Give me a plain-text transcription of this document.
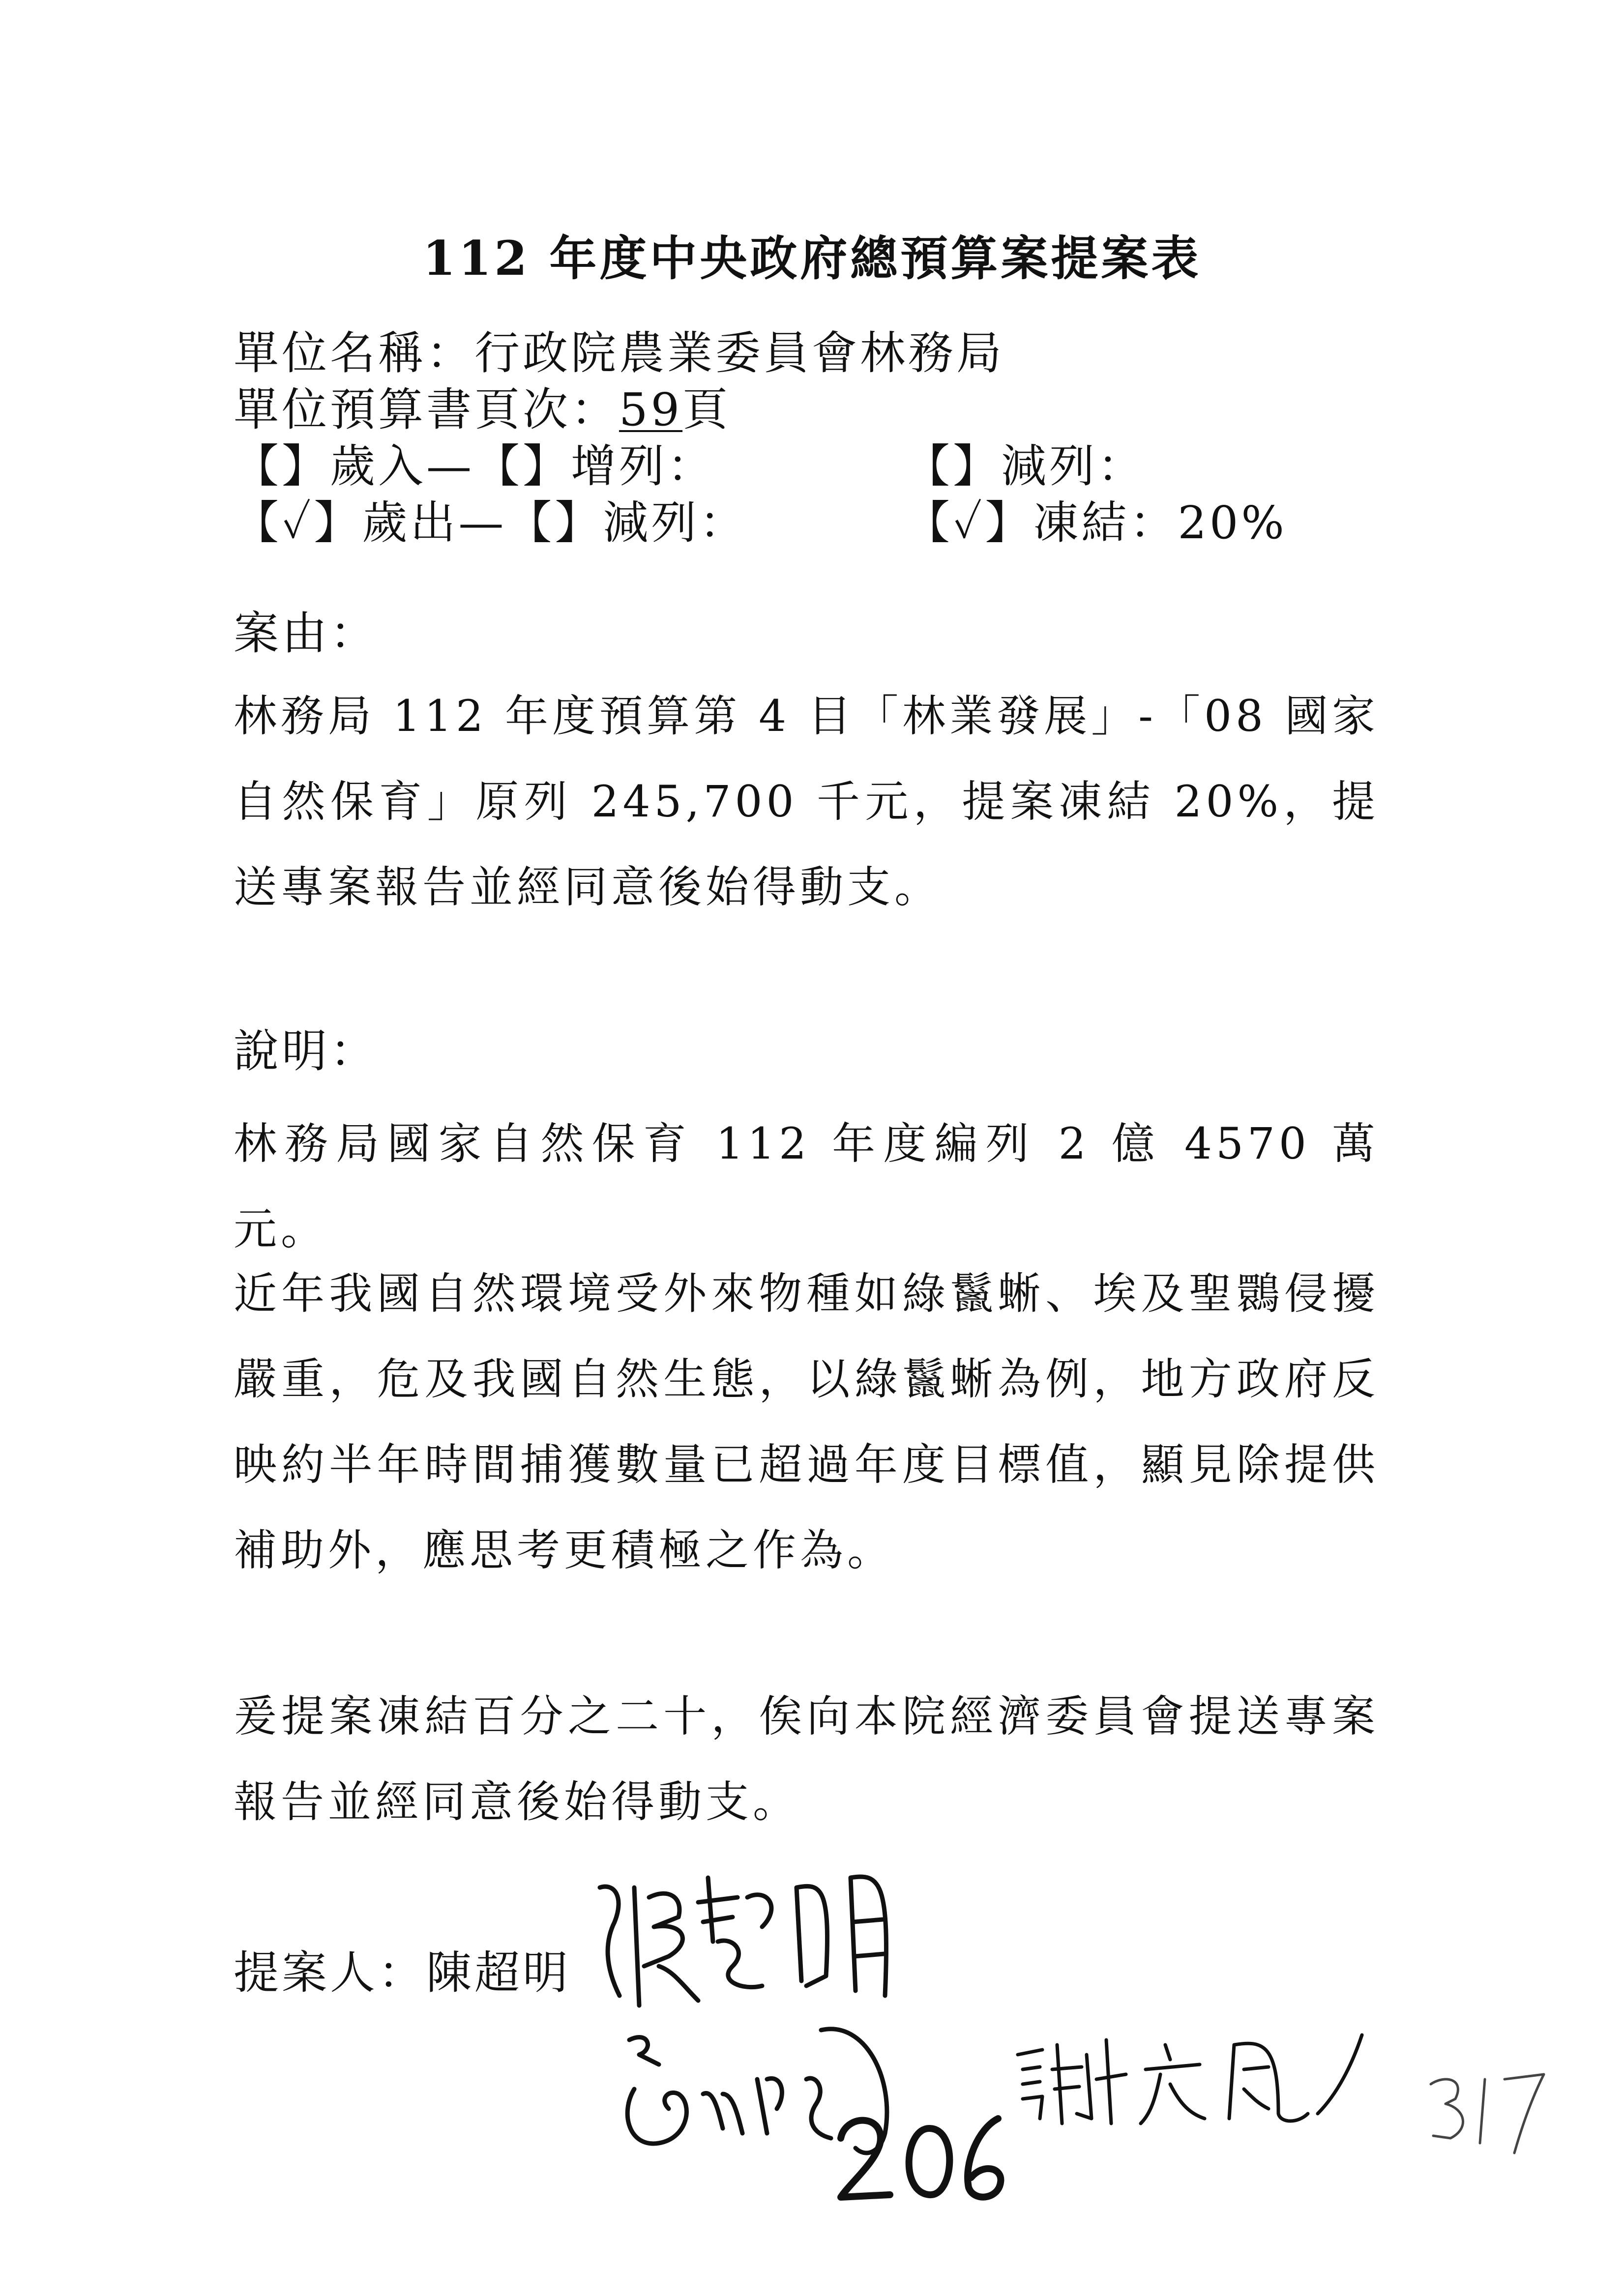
112 年度中央政府總預算案提案表
單位名稱：行政院農業委員會林務局
單位預算書頁次：59頁
【】歲入—【】增列：	【】減列：
【✓】歲出—【】減列：	【✓】凍結：20%
案由：
林務局 112 年度預算第 4 目「林業發展」-「08 國家自然保育」原列 245,700 千元，提案凍結 20%，提送專案報告並經同意後始得動支。
說明：
林務局國家自然保育 112 年度編列 2 億 4570 萬元。
近年我國自然環境受外來物種如綠鬣蜥、埃及聖䴉侵擾嚴重，危及我國自然生態，以綠鬣蜥為例，地方政府反映約半年時間捕獲數量已超過年度目標值，顯見除提供補助外，應思考更積極之作為。
爰提案凍結百分之二十，俟向本院經濟委員會提送專案報告並經同意後始得動支。
提案人：陳超明
